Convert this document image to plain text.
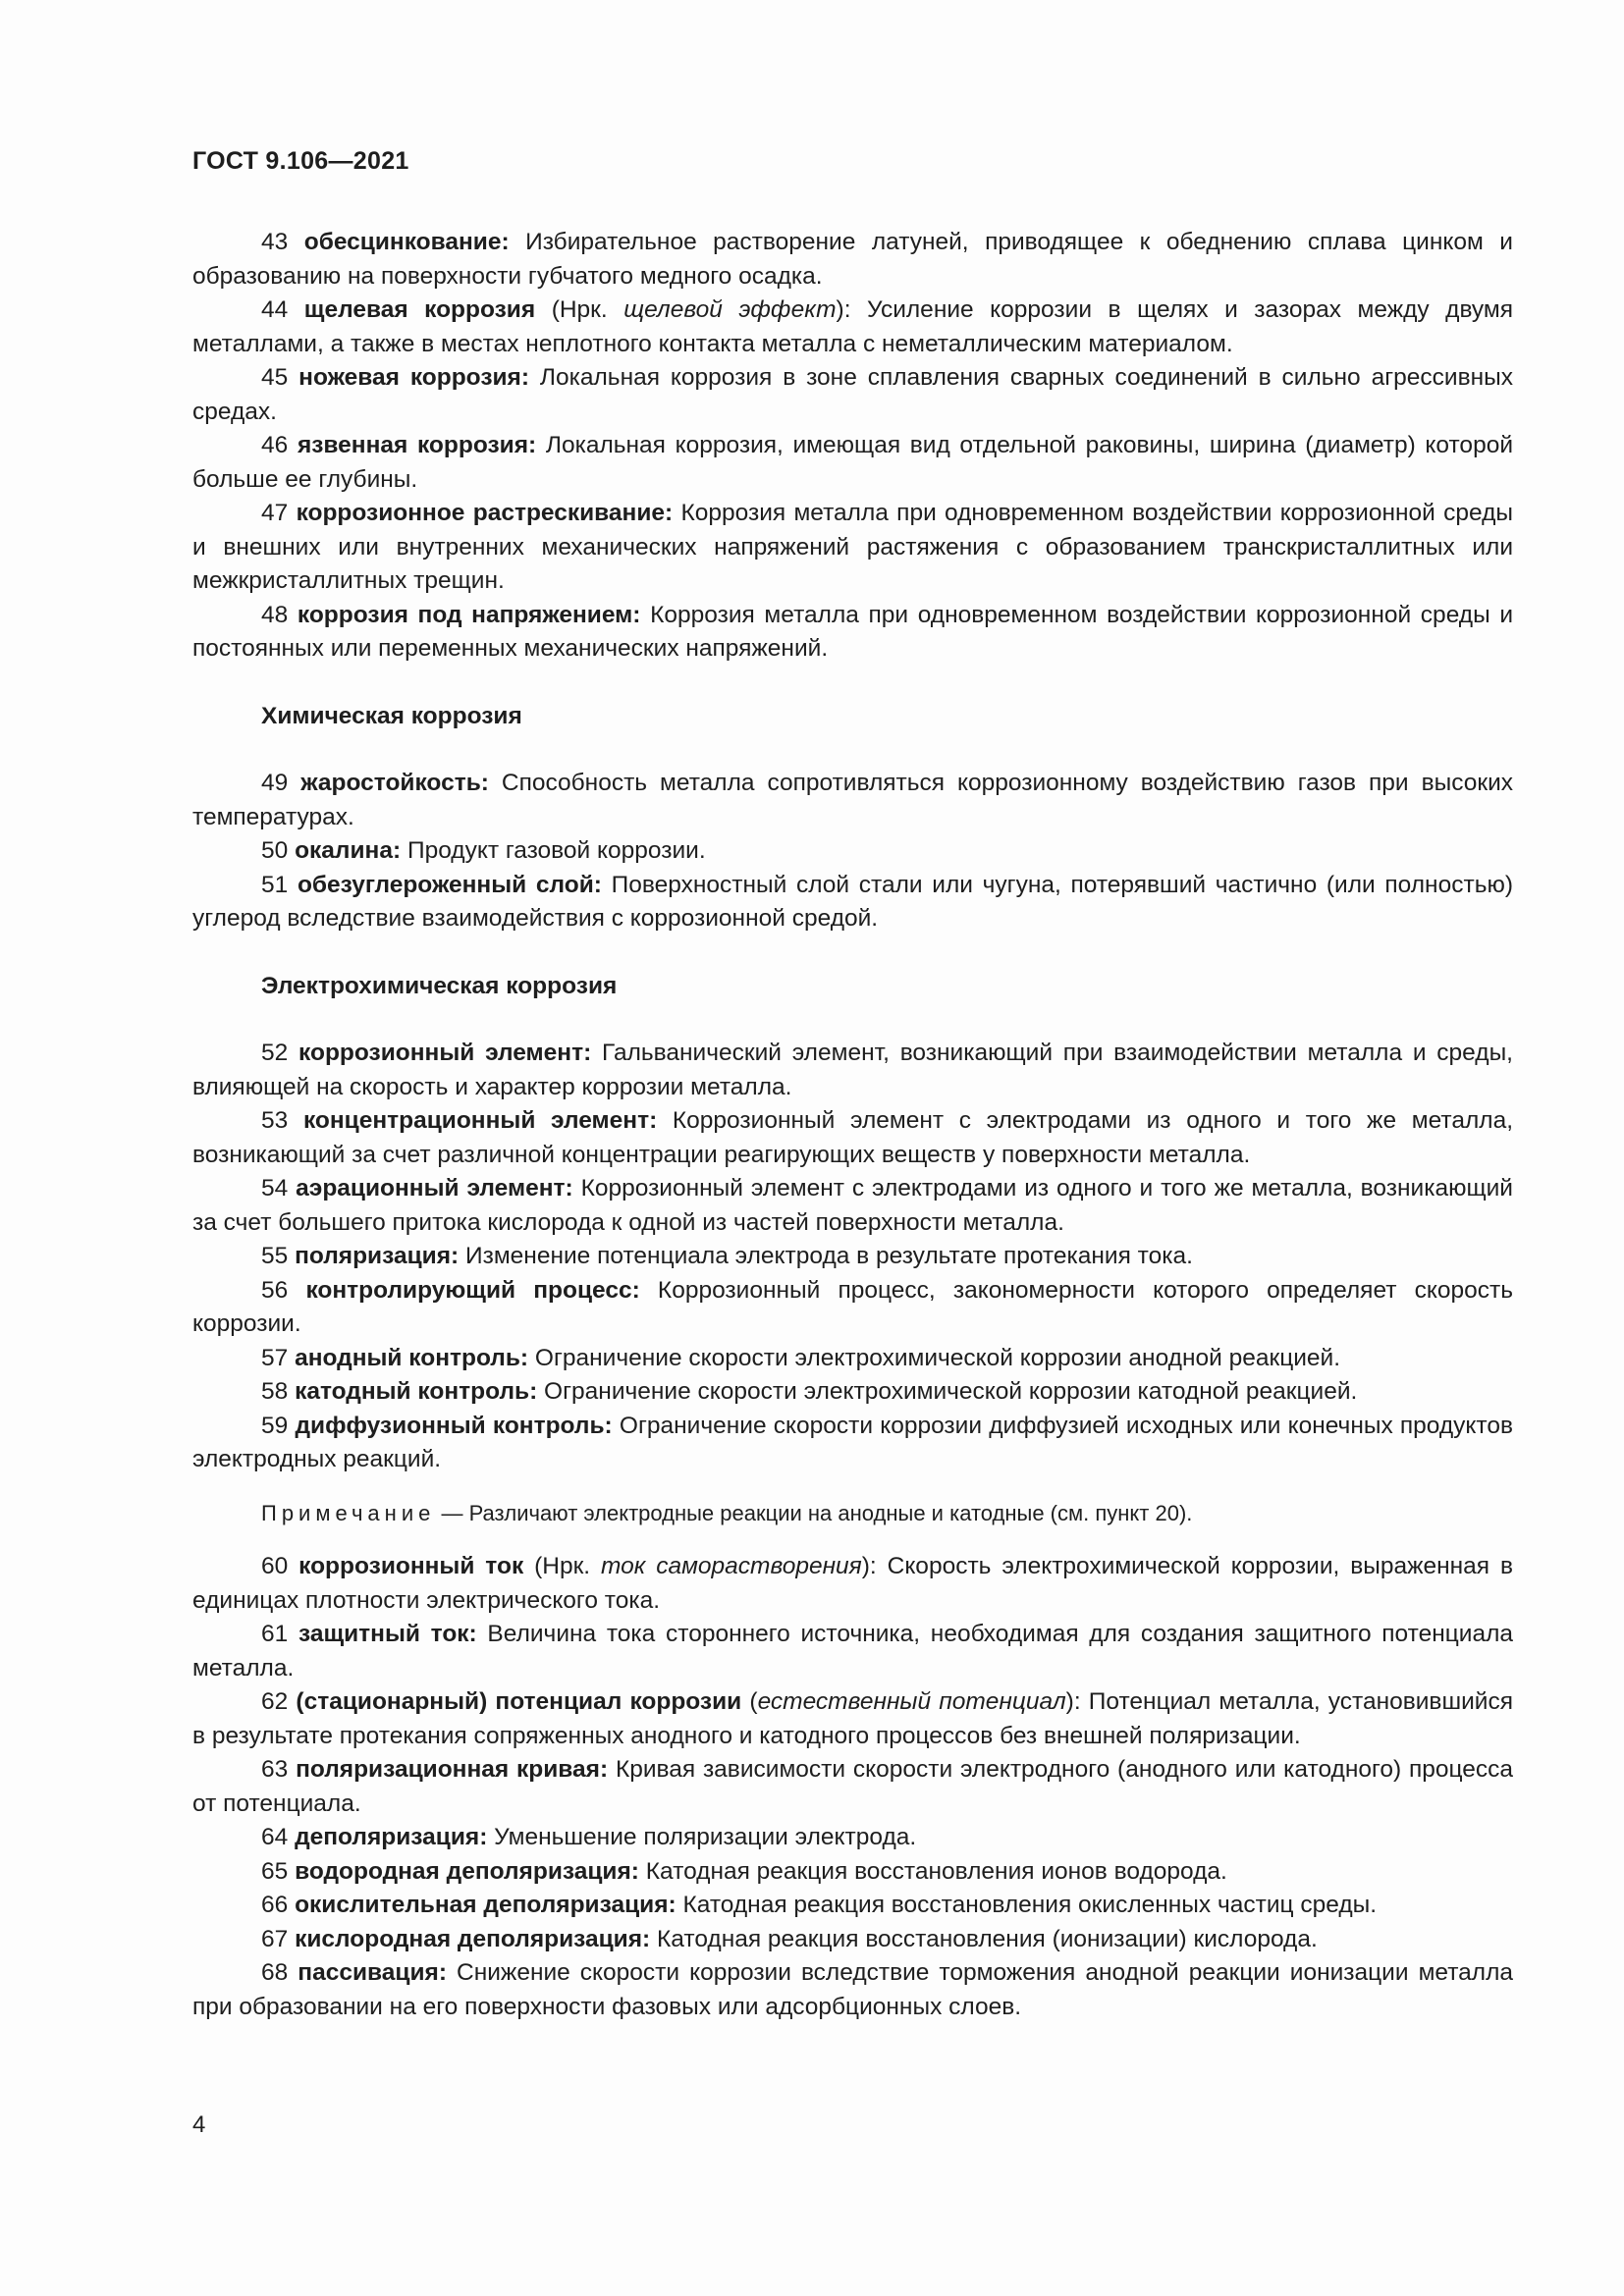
ГОСТ 9.106—2021

43 обесцинкование: Избирательное растворение латуней, приводящее к обеднению сплава цинком и образованию на поверхности губчатого медного осадка.

44 щелевая коррозия (Нрк. щелевой эффект): Усиление коррозии в щелях и зазорах между двумя металлами, а также в местах неплотного контакта металла с неметаллическим материалом.

45 ножевая коррозия: Локальная коррозия в зоне сплавления сварных соединений в сильно агрессивных средах.

46 язвенная коррозия: Локальная коррозия, имеющая вид отдельной раковины, ширина (диаметр) которой больше ее глубины.

47 коррозионное растрескивание: Коррозия металла при одновременном воздействии коррозионной среды и внешних или внутренних механических напряжений растяжения с образованием транскристаллитных или межкристаллитных трещин.

48 коррозия под напряжением: Коррозия металла при одновременном воздействии коррозионной среды и постоянных или переменных механических напряжений.

Химическая коррозия

49 жаростойкость: Способность металла сопротивляться коррозионному воздействию газов при высоких температурах.

50 окалина: Продукт газовой коррозии.

51 обезуглероженный слой: Поверхностный слой стали или чугуна, потерявший частично (или полностью) углерод вследствие взаимодействия с коррозионной средой.

Электрохимическая коррозия

52 коррозионный элемент: Гальванический элемент, возникающий при взаимодействии металла и среды, влияющей на скорость и характер коррозии металла.

53 концентрационный элемент: Коррозионный элемент с электродами из одного и того же металла, возникающий за счет различной концентрации реагирующих веществ у поверхности металла.

54 аэрационный элемент: Коррозионный элемент с электродами из одного и того же металла, возникающий за счет большего притока кислорода к одной из частей поверхности металла.

55 поляризация: Изменение потенциала электрода в результате протекания тока.

56 контролирующий процесс: Коррозионный процесс, закономерности которого определяет скорость коррозии.

57 анодный контроль: Ограничение скорости электрохимической коррозии анодной реакцией.

58 катодный контроль: Ограничение скорости электрохимической коррозии катодной реакцией.

59 диффузионный контроль: Ограничение скорости коррозии диффузией исходных или конечных продуктов электродных реакций.

Примечание — Различают электродные реакции на анодные и катодные (см. пункт 20).

60 коррозионный ток (Нрк. ток саморастворения): Скорость электрохимической коррозии, выраженная в единицах плотности электрического тока.

61 защитный ток: Величина тока стороннего источника, необходимая для создания защитного потенциала металла.

62 (стационарный) потенциал коррозии (естественный потенциал): Потенциал металла, установившийся в результате протекания сопряженных анодного и катодного процессов без внешней поляризации.

63 поляризационная кривая: Кривая зависимости скорости электродного (анодного или катодного) процесса от потенциала.

64 деполяризация: Уменьшение поляризации электрода.

65 водородная деполяризация: Катодная реакция восстановления ионов водорода.

66 окислительная деполяризация: Катодная реакция восстановления окисленных частиц среды.

67 кислородная деполяризация: Катодная реакция восстановления (ионизации) кислорода.

68 пассивация: Снижение скорости коррозии вследствие торможения анодной реакции ионизации металла при образовании на его поверхности фазовых или адсорбционных слоев.

4
